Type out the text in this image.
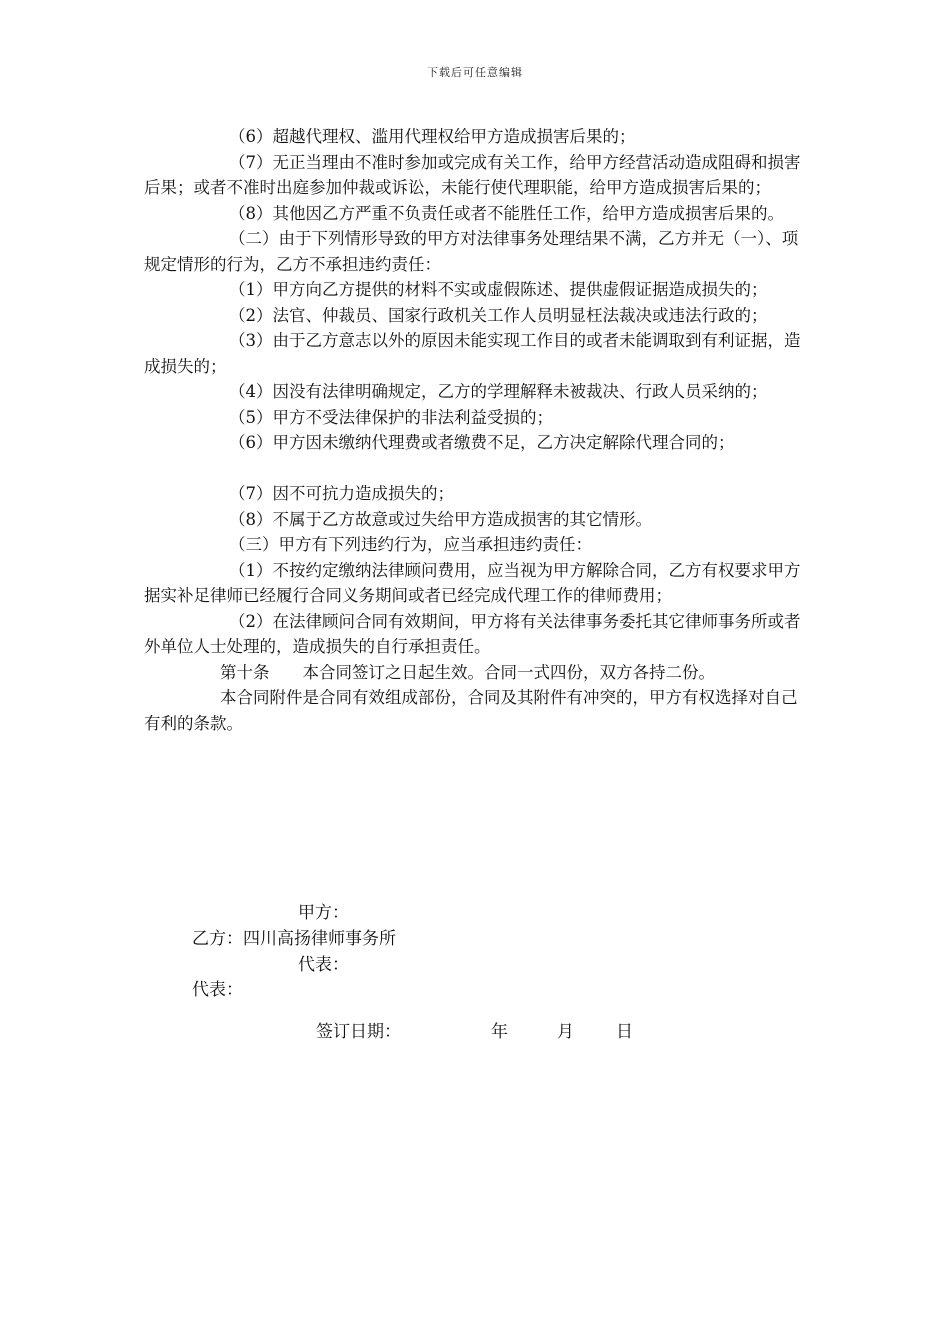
下载后可任意编辑

（6）超越代理权、滥用代理权给甲方造成损害后果的；

（7）无正当理由不准时参加或完成有关工作，给甲方经营活动造成阻碍和损害后果；或者不准时出庭参加仲裁或诉讼，未能行使代理职能，给甲方造成损害后果的；

（8）其他因乙方严重不负责任或者不能胜任工作，给甲方造成损害后果的。

（二）由于下列情形导致的甲方对法律事务处理结果不满，乙方并无（一）、项规定情形的行为，乙方不承担违约责任：

（1）甲方向乙方提供的材料不实或虚假陈述、提供虚假证据造成损失的；

（2）法官、仲裁员、国家行政机关工作人员明显枉法裁决或违法行政的；

（3）由于乙方意志以外的原因未能实现工作目的或者未能调取到有利证据，造成损失的；

（4）因没有法律明确规定，乙方的学理解释未被裁决、行政人员采纳的；

（5）甲方不受法律保护的非法利益受损的；

（6）甲方因未缴纳代理费或者缴费不足，乙方决定解除代理合同的；

（7）因不可抗力造成损失的；

（8）不属于乙方故意或过失给甲方造成损害的其它情形。

（三）甲方有下列违约行为，应当承担违约责任：

（1）不按约定缴纳法律顾问费用，应当视为甲方解除合同，乙方有权要求甲方据实补足律师已经履行合同义务期间或者已经完成代理工作的律师费用；

（2）在法律顾问合同有效期间，甲方将有关法律事务委托其它律师事务所或者外单位人士处理的，造成损失的自行承担责任。

第十条　　本合同签订之日起生效。合同一式四份，双方各持二份。

本合同附件是合同有效组成部份，合同及其附件有冲突的，甲方有权选择对自己有利的条款。

甲方：
乙方：四川高扬律师事务所
代表：
代表：
签订日期：	年	月 日
